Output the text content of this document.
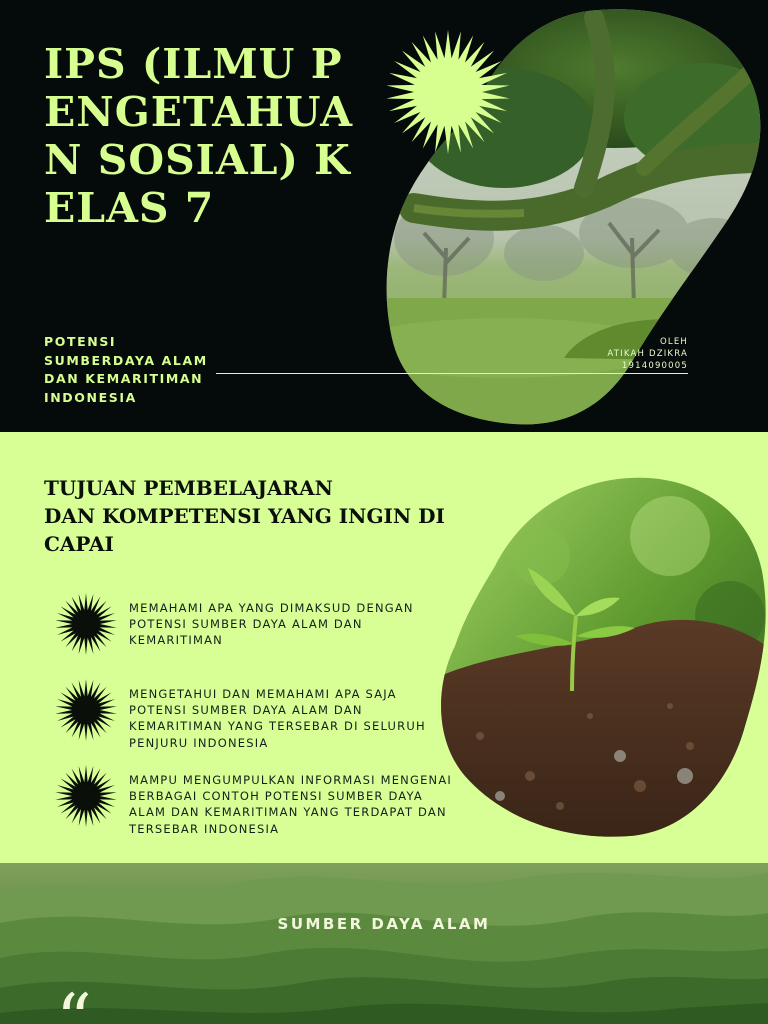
IPS (ILMU PENGETAHUAN SOSIAL) KELAS 7
POTENSI
SUMBERDAYA ALAM
DAN KEMARITIMAN
INDONESIA
OLEH
ATIKAH DZIKRA
1914090005
TUJUAN PEMBELAJARAN
DAN KOMPETENSI YANG INGIN DI
CAPAI
MEMAHAMI APA YANG DIMAKSUD DENGAN POTENSI SUMBER DAYA ALAM DAN KEMARITIMAN
MENGETAHUI DAN MEMAHAMI APA SAJA POTENSI SUMBER DAYA ALAM DAN KEMARITIMAN YANG TERSEBAR DI SELURUH PENJURU INDONESIA
MAMPU MENGUMPULKAN INFORMASI MENGENAI BERBAGAI CONTOH POTENSI SUMBER DAYA ALAM DAN KEMARITIMAN YANG TERDAPAT DAN TERSEBAR INDONESIA
SUMBER DAYA ALAM
“
